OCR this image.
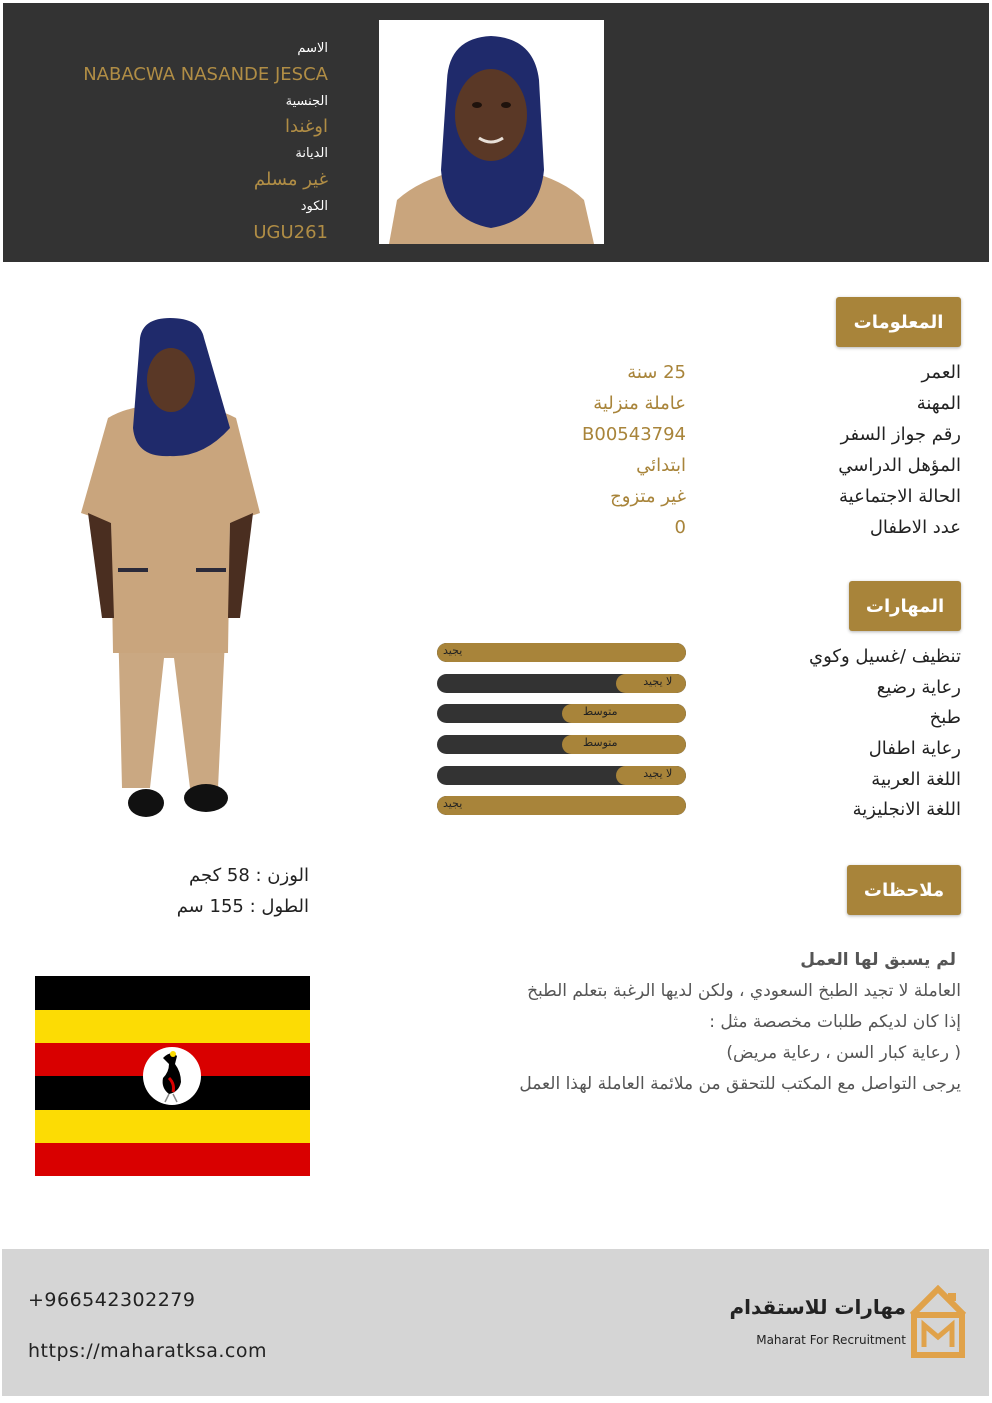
الاسم
NABACWA NASANDE JESCA
الجنسية
اوغندا
الديانة
غير مسلم
الكود
UGU261
المعلومات
العمر
25 سنة
المهنة
عاملة منزلية
رقم جواز السفر
B00543794
المؤهل الدراسي
ابتدائي
الحالة الاجتماعية
غير متزوج
عدد الاطفال
0
المهارات
تنظيف /غسيل وكوي
يجيد
رعاية رضيع
لا يجيد
طبخ
متوسط
رعاية اطفال
متوسط
اللغة العربية
لا يجيد
اللغة الانجليزية
يجيد
ملاحظات
لم يسبق لها العمل
العاملة لا تجيد الطبخ السعودي ، ولكن لديها الرغبة بتعلم الطبخ
إذا كان لديكم طلبات مخصصة مثل :
( رعاية كبار السن ، رعاية مريض)
يرجى التواصل مع المكتب للتحقق من ملائمة العاملة لهذا العمل
الوزن : 58 كجم
الطول : 155 سم
+966542302279
https://maharatksa.com
مهارات للاستقدام
Maharat For Recruitment
